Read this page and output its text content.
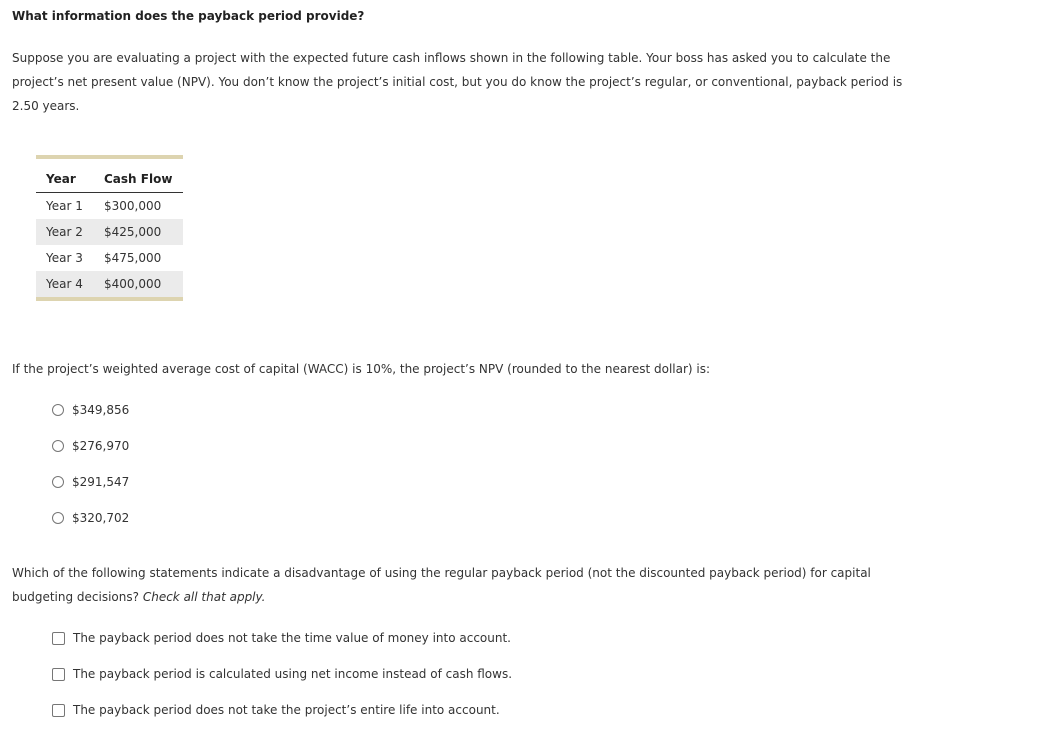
What information does the payback period provide?

Suppose you are evaluating a project with the expected future cash inflows shown in the following table. Your boss has asked you to calculate the project’s net present value (NPV). You don’t know the project’s initial cost, but you do know the project’s regular, or conventional, payback period is 2.50 years.

Year	Cash Flow
Year 1	$300,000
Year 2	$425,000
Year 3	$475,000
Year 4	$400,000

If the project’s weighted average cost of capital (WACC) is 10%, the project’s NPV (rounded to the nearest dollar) is:

$349,856
$276,970
$291,547
$320,702

Which of the following statements indicate a disadvantage of using the regular payback period (not the discounted payback period) for capital budgeting decisions? Check all that apply.

The payback period does not take the time value of money into account.
The payback period is calculated using net income instead of cash flows.
The payback period does not take the project’s entire life into account.
